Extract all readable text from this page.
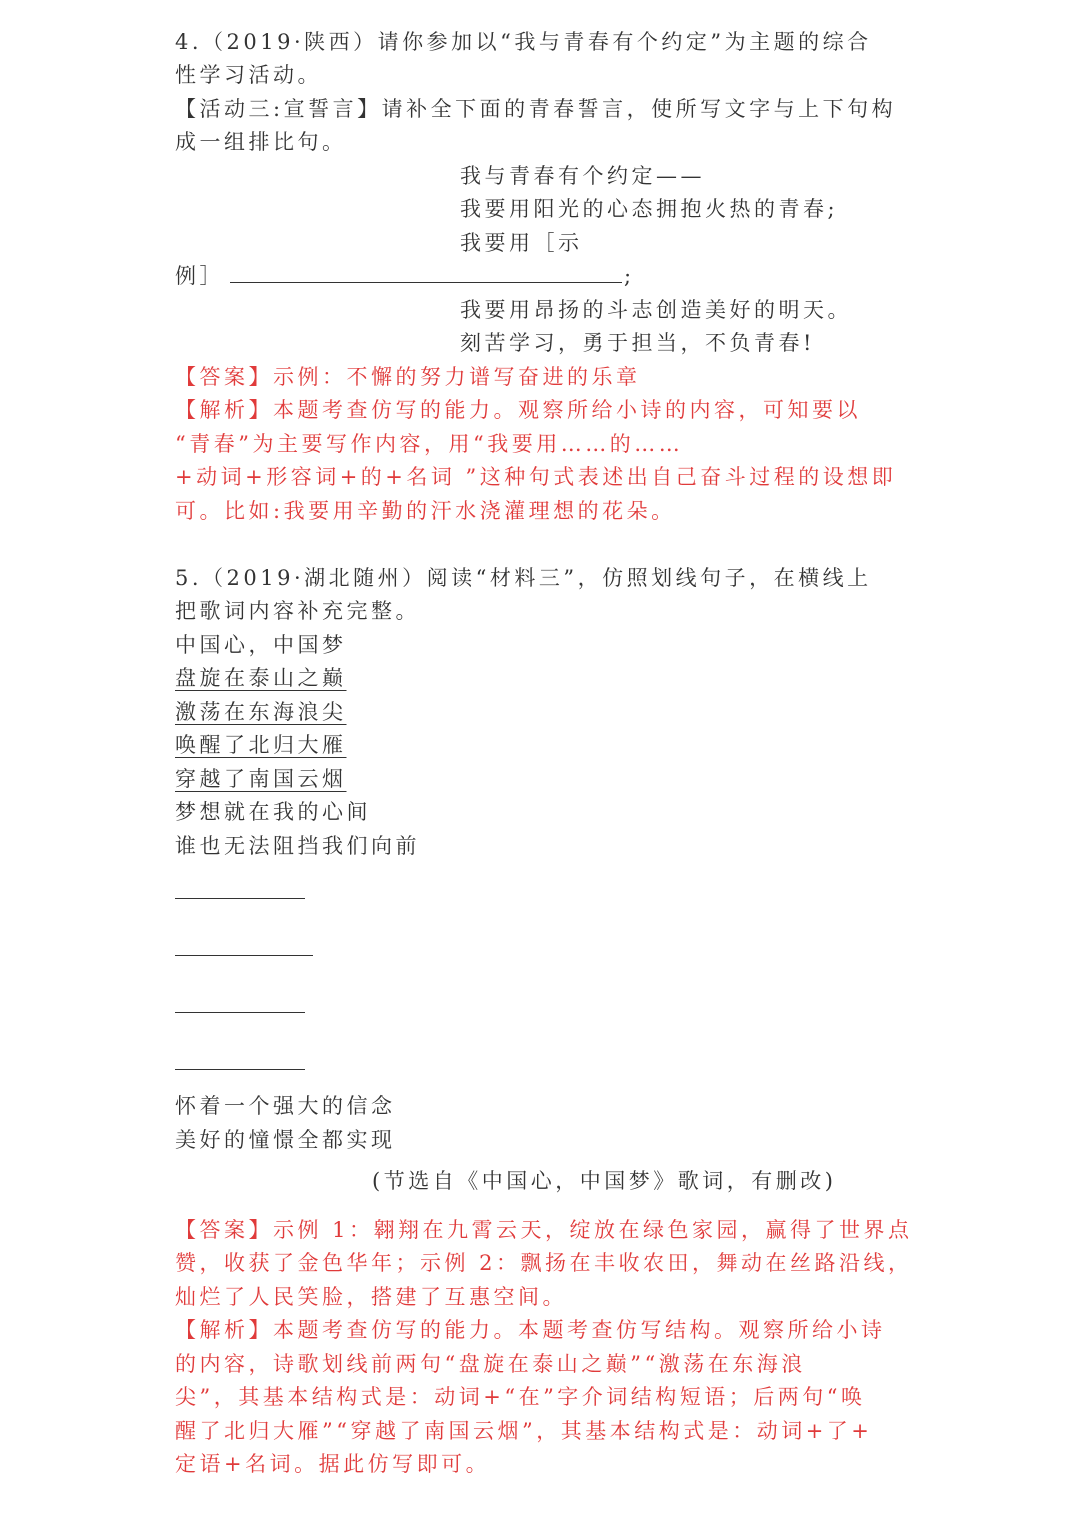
4.（2019·陕西）请你参加以“我与青春有个约定”为主题的综合
性学习活动。
【活动三:宣誓言】请补全下面的青春誓言，使所写文字与上下句构
成一组排比句。
我与青春有个约定——
我要用阳光的心态拥抱火热的青春;
我要用［示
例］	;
我要用昂扬的斗志创造美好的明天。
刻苦学习，勇于担当，不负青春!
【答案】示例：不懈的努力谱写奋进的乐章
【解析】本题考查仿写的能力。观察所给小诗的内容，可知要以
“青春”为主要写作内容，用“我要用……的……
+动词+形容词+的+名词 ”这种句式表述出自己奋斗过程的设想即
可。比如:我要用辛勤的汗水浇灌理想的花朵。
5.（2019·湖北随州）阅读“材料三”，仿照划线句子，在横线上
把歌词内容补充完整。
中国心，中国梦
盘旋在泰山之巅
激荡在东海浪尖
唤醒了北归大雁
穿越了南国云烟
梦想就在我的心间
谁也无法阻挡我们向前
怀着一个强大的信念
美好的憧憬全都实现
(节选自《中国心，中国梦》歌词，有删改)
【答案】示例 1：翱翔在九霄云天，绽放在绿色家园，赢得了世界点
赞，收获了金色华年；示例 2：飘扬在丰收农田，舞动在丝路沿线，
灿烂了人民笑脸，搭建了互惠空间。
【解析】本题考查仿写的能力。本题考查仿写结构。观察所给小诗
的内容，诗歌划线前两句“盘旋在泰山之巅”“激荡在东海浪
尖”，其基本结构式是：动词+“在”字介词结构短语；后两句“唤
醒了北归大雁”“穿越了南国云烟”，其基本结构式是：动词+了+
定语+名词。据此仿写即可。
